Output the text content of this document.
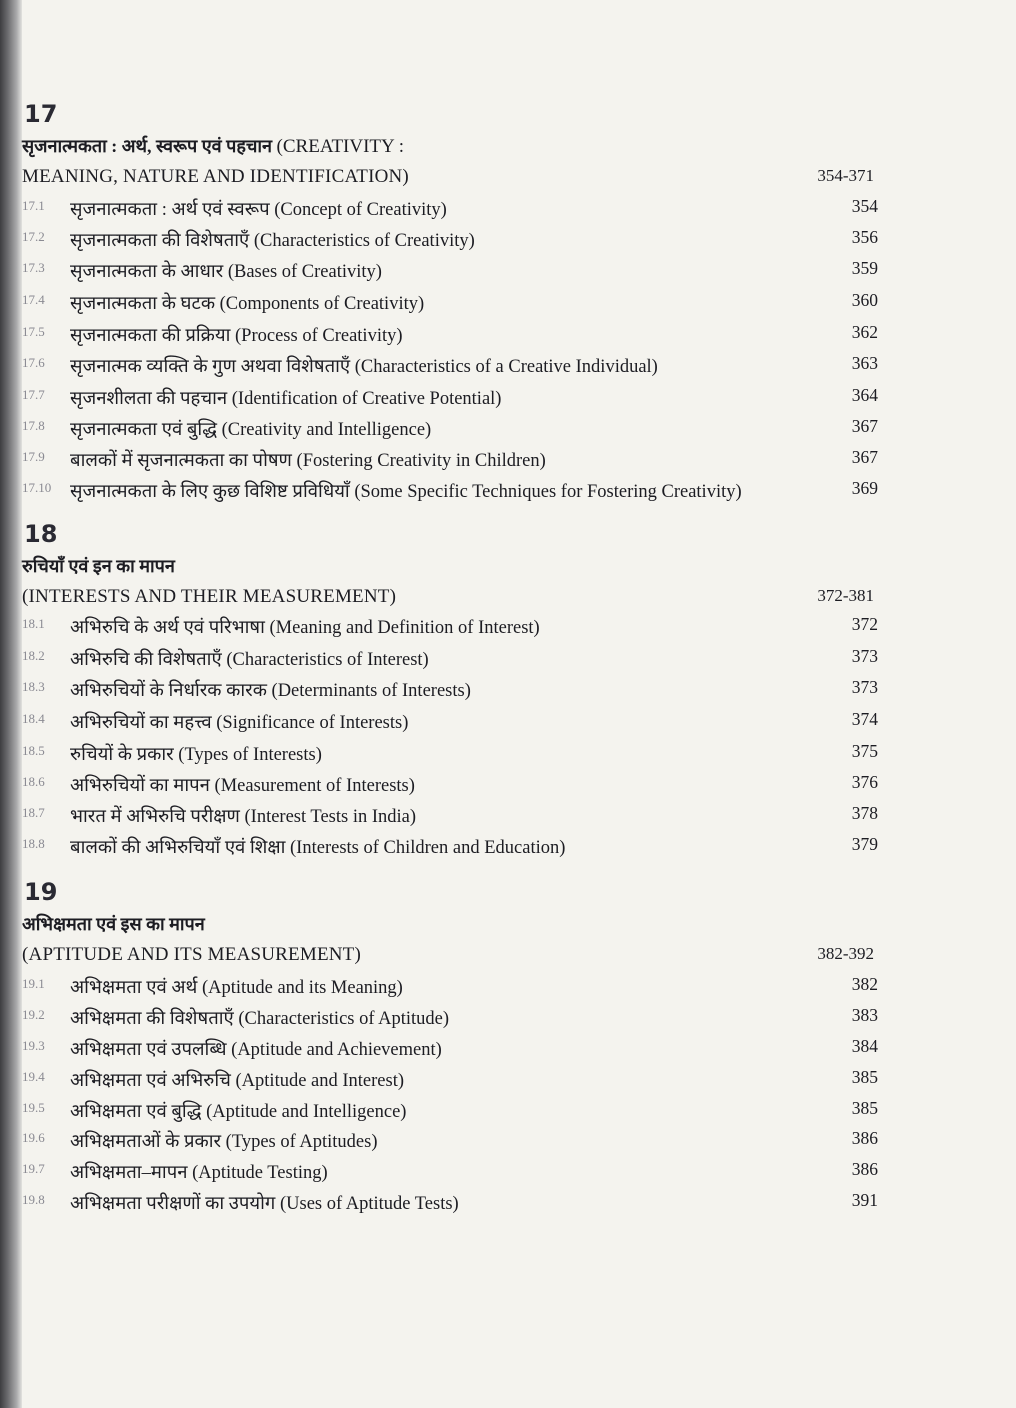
17
सृजनात्मकता : अर्थ, स्वरूप एवं पहचान (CREATIVITY :
MEANING, NATURE AND IDENTIFICATION)	354-371
17.1	सृजनात्मकता : अर्थ एवं स्वरूप (Concept of Creativity)	354
17.2	सृजनात्मकता की विशेषताएँ (Characteristics of Creativity)	356
17.3	सृजनात्मकता के आधार (Bases of Creativity)	359
17.4	सृजनात्मकता के घटक (Components of Creativity)	360
17.5	सृजनात्मकता की प्रक्रिया (Process of Creativity)	362
17.6	सृजनात्मक व्यक्ति के गुण अथवा विशेषताएँ (Characteristics of a Creative Individual)	363
17.7	सृजनशीलता की पहचान (Identification of Creative Potential)	364
17.8	सृजनात्मकता एवं बुद्धि (Creativity and Intelligence)	367
17.9	बालकों में सृजनात्मकता का पोषण (Fostering Creativity in Children)	367
17.10	सृजनात्मकता के लिए कुछ विशिष्ट प्रविधियाँ (Some Specific Techniques for Fostering Creativity)	369
18
रुचियाँ एवं इन का मापन
(INTERESTS AND THEIR MEASUREMENT)	372-381
18.1	अभिरुचि के अर्थ एवं परिभाषा (Meaning and Definition of Interest)	372
18.2	अभिरुचि की विशेषताएँ (Characteristics of Interest)	373
18.3	अभिरुचियों के निर्धारक कारक (Determinants of Interests)	373
18.4	अभिरुचियों का महत्त्व (Significance of Interests)	374
18.5	रुचियों के प्रकार (Types of Interests)	375
18.6	अभिरुचियों का मापन (Measurement of Interests)	376
18.7	भारत में अभिरुचि परीक्षण (Interest Tests in India)	378
18.8	बालकों की अभिरुचियाँ एवं शिक्षा (Interests of Children and Education)	379
19
अभिक्षमता एवं इस का मापन
(APTITUDE AND ITS MEASUREMENT)	382-392
19.1	अभिक्षमता एवं अर्थ (Aptitude and its Meaning)	382
19.2	अभिक्षमता की विशेषताएँ (Characteristics of Aptitude)	383
19.3	अभिक्षमता एवं उपलब्धि (Aptitude and Achievement)	384
19.4	अभिक्षमता एवं अभिरुचि (Aptitude and Interest)	385
19.5	अभिक्षमता एवं बुद्धि (Aptitude and Intelligence)	385
19.6	अभिक्षमताओं के प्रकार (Types of Aptitudes)	386
19.7	अभिक्षमता–मापन (Aptitude Testing)	386
19.8	अभिक्षमता परीक्षणों का उपयोग (Uses of Aptitude Tests)	391
